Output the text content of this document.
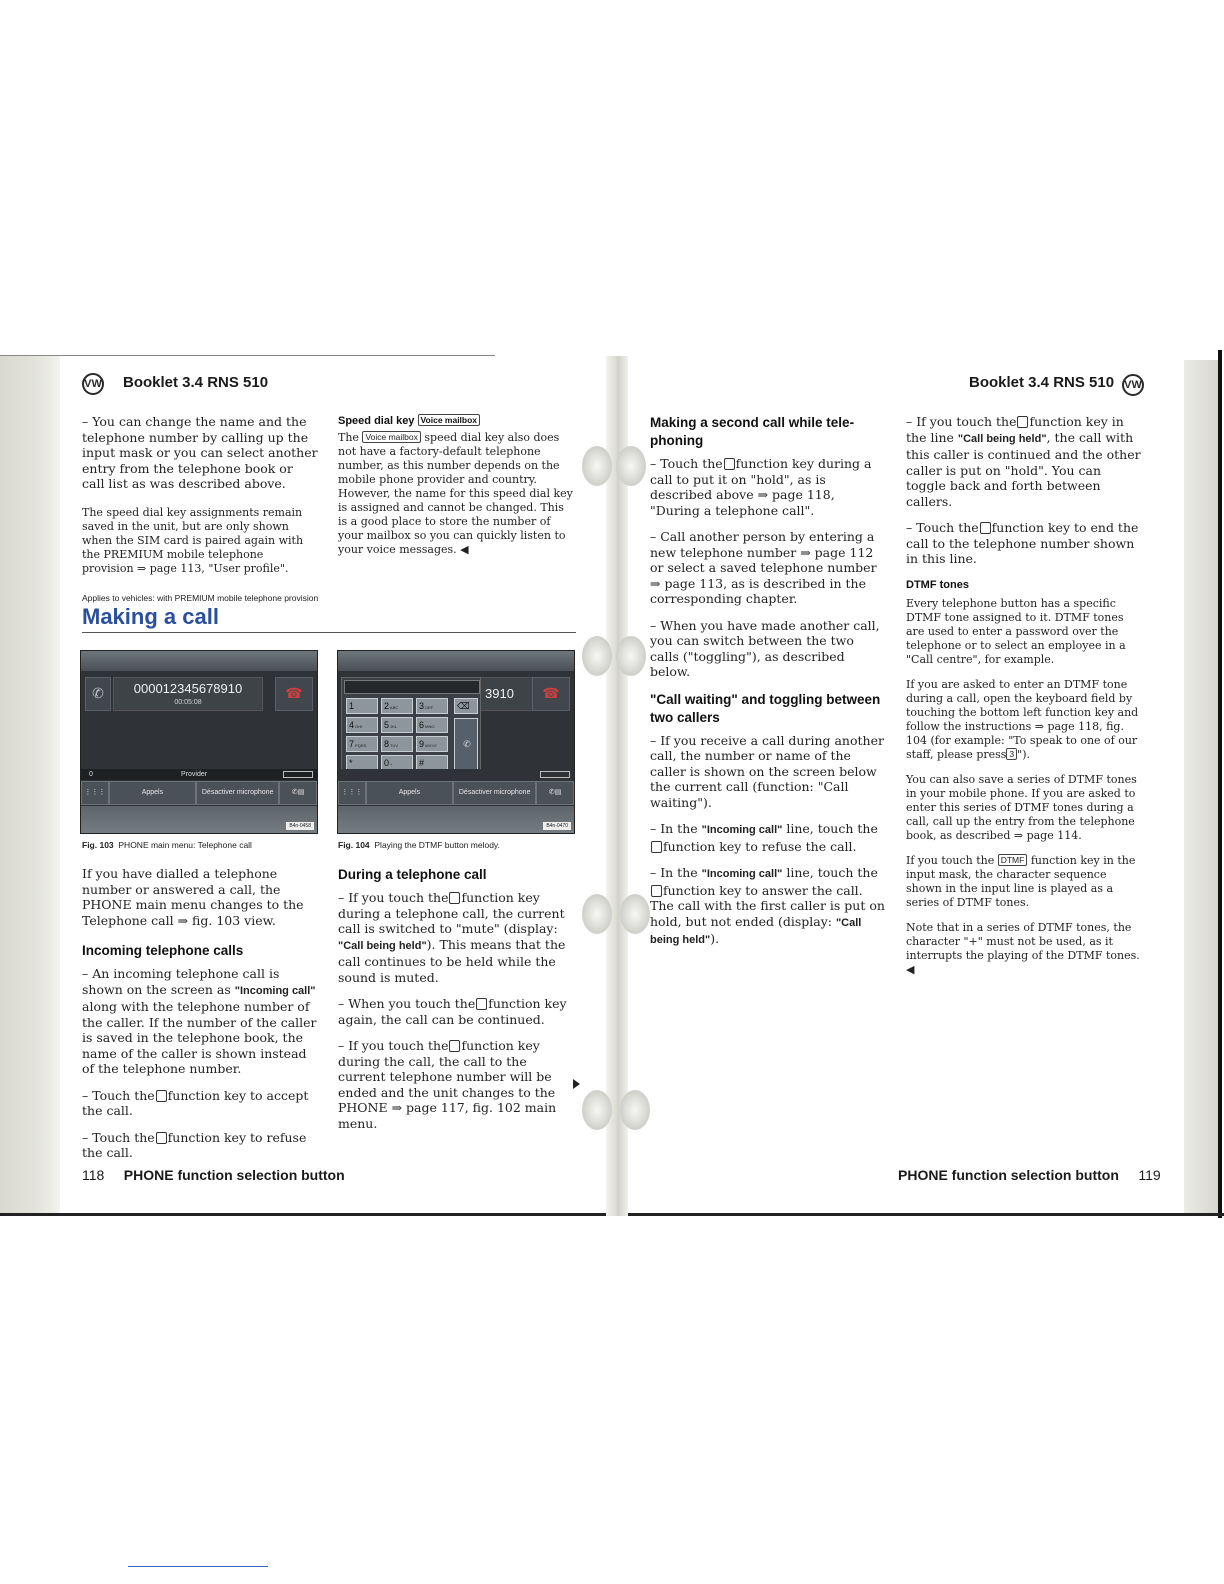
VW Booklet 3.4 RNS 510	Booklet 3.4 RNS 510 VW
– You can change the name and the telephone number by calling up the input mask or you can select another entry from the telephone book or call list as was described above.
The speed dial key assignments remain saved in the unit, but are only shown when the SIM card is paired again with the PREMIUM mobile telephone provision ⇒ page 113, "User profile".
Speed dial key Voice mailbox
The Voice mailbox speed dial key also does not have a factory-default telephone number, as this number depends on the mobile phone provider and country. However, the name for this speed dial key is assigned and cannot be changed. This is a good place to store the number of your mailbox so you can quickly listen to your voice messages. ◀
Applies to vehicles: with PREMIUM mobile telephone provision
Making a call
✆	000012345678910
00:05:08
☎
0	Provider
⋮⋮⋮	Appels	Désactiver microphone	✆▤
B4n-0458
Fig. 103 PHONE main menu: Telephone call
3910	☎
1	2 ABC	3 DEF
4 GHI	5 JKL	6 MNO
7 PQRS	8 TUV	9 WXYZ
*	0 +	#
⌫
✆
⋮⋮⋮	Appels	Désactiver microphone	✆▤
B4n-0470
Fig. 104 Playing the DTMF button melody.
If you have dialled a telephone number or answered a call, the PHONE main menu changes to the Telephone call ⇒ fig. 103 view.
Incoming telephone calls
– An incoming telephone call is shown on the screen as "Incoming call" along with the telephone number of the caller. If the number of the caller is saved in the telephone book, the name of the caller is shown instead of the telephone number.
– Touch the function key to accept the call.
– Touch the function key to refuse the call.
During a telephone call
– If you touch the function key during a telephone call, the current call is switched to "mute" (display: "Call being held"). This means that the call continues to be held while the sound is muted.
– When you touch the function key again, the call can be continued.
– If you touch the function key during the call, the call to the current telephone number will be ended and the unit changes to the PHONE ⇒ page 117, fig. 102 main menu.
Making a second call while telephoning
– Touch the function key during a call to put it on "hold", as is described above ⇒ page 118, "During a telephone call".
– Call another person by entering a new telephone number ⇒ page 112 or select a saved telephone number ⇒ page 113, as is described in the corresponding chapter.
– When you have made another call, you can switch between the two calls ("toggling"), as described below.
"Call waiting" and toggling between two callers
– If you receive a call during another call, the number or name of the caller is shown on the screen below the current call (function: "Call waiting").
– In the "Incoming call" line, touch thefunction key to refuse the call.
– In the "Incoming call" line, touch thefunction key to answer the call. The call with the first caller is put on hold, but not ended (display: "Call being held").
– If you touch the function key in the line "Call being held", the call with this caller is continued and the other caller is put on "hold". You can toggle back and forth between callers.
– Touch the function key to end the call to the telephone number shown in this line.
DTMF tones
Every telephone button has a specific DTMF tone assigned to it. DTMF tones are used to enter a password over the telephone or to select an employee in a "Call centre", for example.
If you are asked to enter an DTMF tone during a call, open the keyboard field by touching the bottom left function key and follow the instructions ⇒ page 118, fig. 104 (for example: "To speak to one of our staff, please press 3 ").
You can also save a series of DTMF tones in your mobile phone. If you are asked to enter this series of DTMF tones during a call, call up the entry from the telephone book, as described ⇒ page 114.
If you touch the DTMF function key in the input mask, the character sequence shown in the input line is played as a series of DTMF tones.
Note that in a series of DTMF tones, the character "+" must not be used, as it interrupts the playing of the DTMF tones. ◀
118 PHONE function selection button	PHONE function selection button 119
